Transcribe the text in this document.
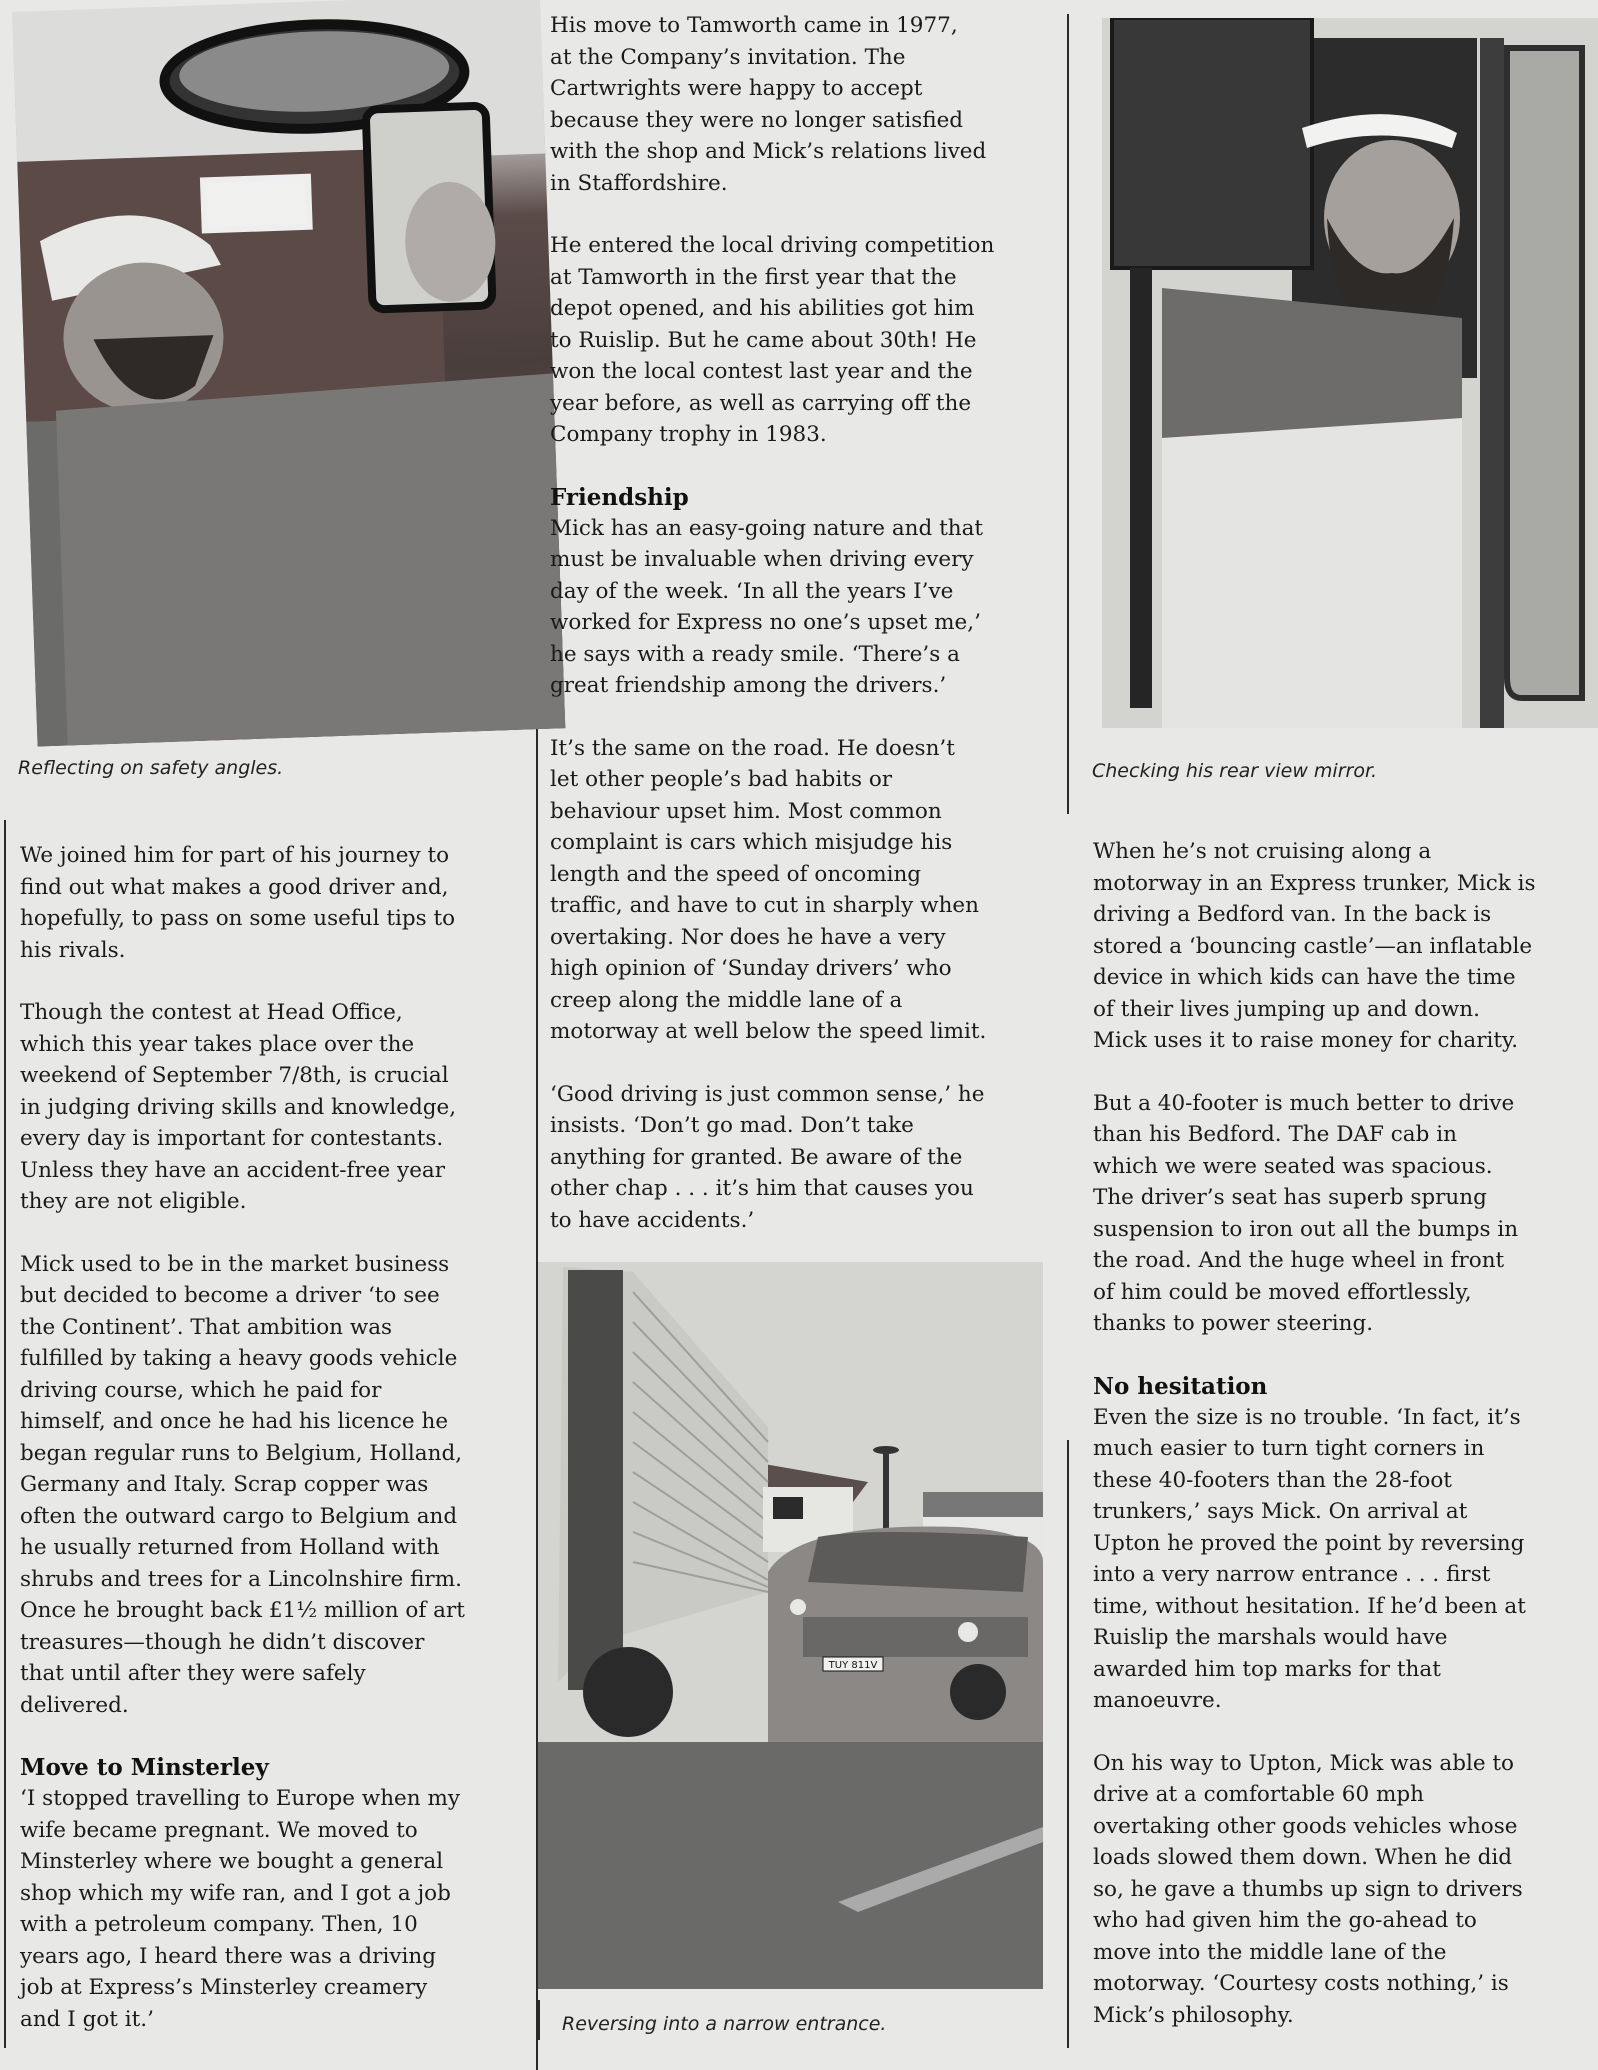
Reflecting on safety angles.	Checking his rear view mirror.
TUY 811V
Reversing into a narrow entrance.

We joined him for part of his journey to
find out what makes a good driver and,
hopefully, to pass on some useful tips to
his rivals.

Though the contest at Head Office,
which this year takes place over the
weekend of September 7/8th, is crucial
in judging driving skills and knowledge,
every day is important for contestants.
Unless they have an accident-free year
they are not eligible.

Mick used to be in the market business
but decided to become a driver ‘to see
the Continent’. That ambition was
fulfilled by taking a heavy goods vehicle
driving course, which he paid for
himself, and once he had his licence he
began regular runs to Belgium, Holland,
Germany and Italy. Scrap copper was
often the outward cargo to Belgium and
he usually returned from Holland with
shrubs and trees for a Lincolnshire firm.
Once he brought back £1½ million of art
treasures—though he didn’t discover
that until after they were safely
delivered.

Move to Minsterley

‘I stopped travelling to Europe when my
wife became pregnant. We moved to
Minsterley where we bought a general
shop which my wife ran, and I got a job
with a petroleum company. Then, 10
years ago, I heard there was a driving
job at Express’s Minsterley creamery
and I got it.’

His move to Tamworth came in 1977,
at the Company’s invitation. The
Cartwrights were happy to accept
because they were no longer satisfied
with the shop and Mick’s relations lived
in Staffordshire.

He entered the local driving competition
at Tamworth in the first year that the
depot opened, and his abilities got him
to Ruislip. But he came about 30th! He
won the local contest last year and the
year before, as well as carrying off the
Company trophy in 1983.

Friendship

Mick has an easy-going nature and that
must be invaluable when driving every
day of the week. ‘In all the years I’ve
worked for Express no one’s upset me,’
he says with a ready smile. ‘There’s a
great friendship among the drivers.’

It’s the same on the road. He doesn’t
let other people’s bad habits or
behaviour upset him. Most common
complaint is cars which misjudge his
length and the speed of oncoming
traffic, and have to cut in sharply when
overtaking. Nor does he have a very
high opinion of ‘Sunday drivers’ who
creep along the middle lane of a
motorway at well below the speed limit.

‘Good driving is just common sense,’ he
insists. ‘Don’t go mad. Don’t take
anything for granted. Be aware of the
other chap . . . it’s him that causes you
to have accidents.’

When he’s not cruising along a
motorway in an Express trunker, Mick is
driving a Bedford van. In the back is
stored a ‘bouncing castle’—an inflatable
device in which kids can have the time
of their lives jumping up and down.
Mick uses it to raise money for charity.

But a 40-footer is much better to drive
than his Bedford. The DAF cab in
which we were seated was spacious.
The driver’s seat has superb sprung
suspension to iron out all the bumps in
the road. And the huge wheel in front
of him could be moved effortlessly,
thanks to power steering.

No hesitation

Even the size is no trouble. ‘In fact, it’s
much easier to turn tight corners in
these 40-footers than the 28-foot
trunkers,’ says Mick. On arrival at
Upton he proved the point by reversing
into a very narrow entrance . . . first
time, without hesitation. If he’d been at
Ruislip the marshals would have
awarded him top marks for that
manoeuvre.

On his way to Upton, Mick was able to
drive at a comfortable 60 mph
overtaking other goods vehicles whose
loads slowed them down. When he did
so, he gave a thumbs up sign to drivers
who had given him the go-ahead to
move into the middle lane of the
motorway. ‘Courtesy costs nothing,’ is
Mick’s philosophy.
